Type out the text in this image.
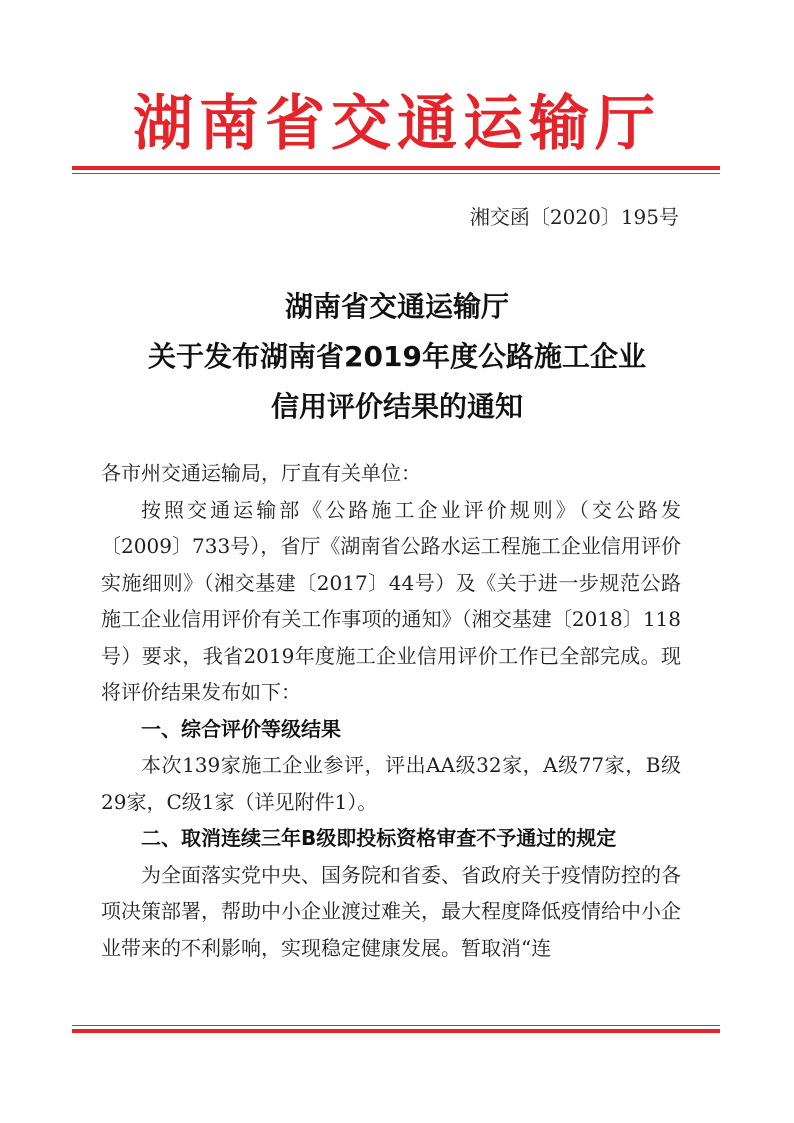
湖南省交通运输厅
湘交函〔2020〕195号
湖南省交通运输厅
关于发布湖南省2019年度公路施工企业
信用评价结果的通知

各市州交通运输局，厅直有关单位：

按照交通运输部《公路施工企业评价规则》（交公路发〔2009〕733号），省厅《湖南省公路水运工程施工企业信用评价实施细则》（湘交基建〔2017〕44号）及《关于进一步规范公路施工企业信用评价有关工作事项的通知》（湘交基建〔2018〕118号）要求，我省2019年度施工企业信用评价工作已全部完成。现将评价结果发布如下：

一、综合评价等级结果

本次139家施工企业参评，评出AA级32家，A级77家，B级29家，C级1家（详见附件1）。

二、取消连续三年B级即投标资格审查不予通过的规定

为全面落实党中央、国务院和省委、省政府关于疫情防控的各项决策部署，帮助中小企业渡过难关，最大程度降低疫情给中小企业带来的不利影响，实现稳定健康发展。暂取消“连
